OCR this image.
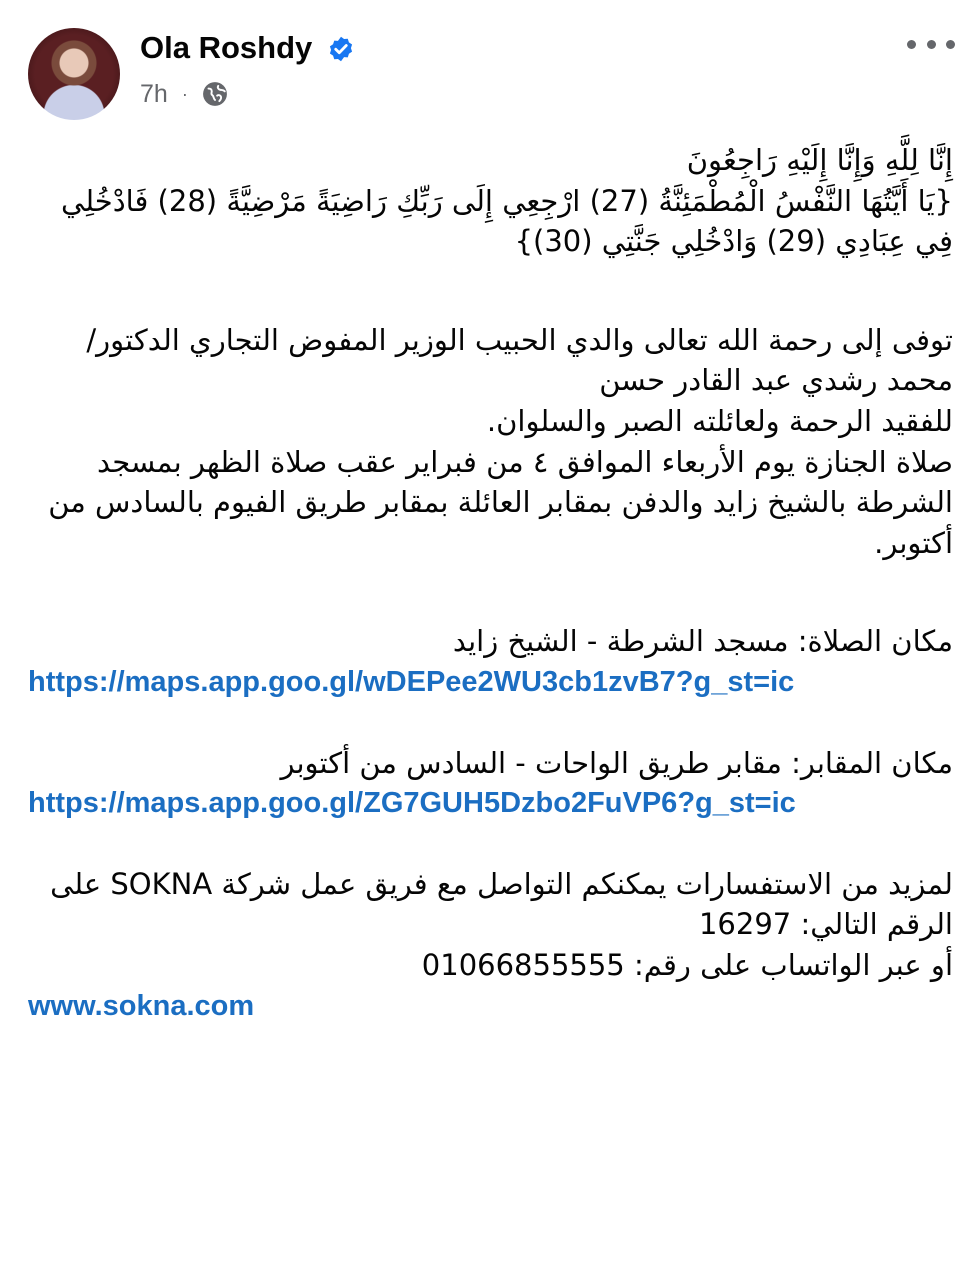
Ola Roshdy
7h ·
إِنَّا لِلَّهِ وَإِنَّا إِلَيْهِ رَاجِعُونَ
{يَا أَيَّتُهَا النَّفْسُ الْمُطْمَئِنَّةُ (27) ارْجِعِي إِلَى رَبِّكِ رَاضِيَةً مَرْضِيَّةً (28) فَادْخُلِي
فِي عِبَادِي (29) وَادْخُلِي جَنَّتِي (30)}
توفى إلى رحمة الله تعالى والدي الحبيب الوزير المفوض التجاري الدكتور/
محمد رشدي عبد القادر حسن
للفقيد الرحمة ولعائلته الصبر والسلوان.
صلاة الجنازة يوم الأربعاء الموافق ٤ من فبراير عقب صلاة الظهر بمسجد
الشرطة بالشيخ زايد والدفن بمقابر العائلة بمقابر طريق الفيوم بالسادس من
أكتوبر.
مكان الصلاة: مسجد الشرطة - الشيخ زايد
https://maps.app.goo.gl/wDEPee2WU3cb1zvB7?g_st=ic
مكان المقابر: مقابر طريق الواحات - السادس من أكتوبر
https://maps.app.goo.gl/ZG7GUH5Dzbo2FuVP6?g_st=ic
لمزيد من الاستفسارات يمكنكم التواصل مع فريق عمل شركة SOKNA على
الرقم التالي: 16297
أو عبر الواتساب على رقم: 01066855555
www.sokna.com
